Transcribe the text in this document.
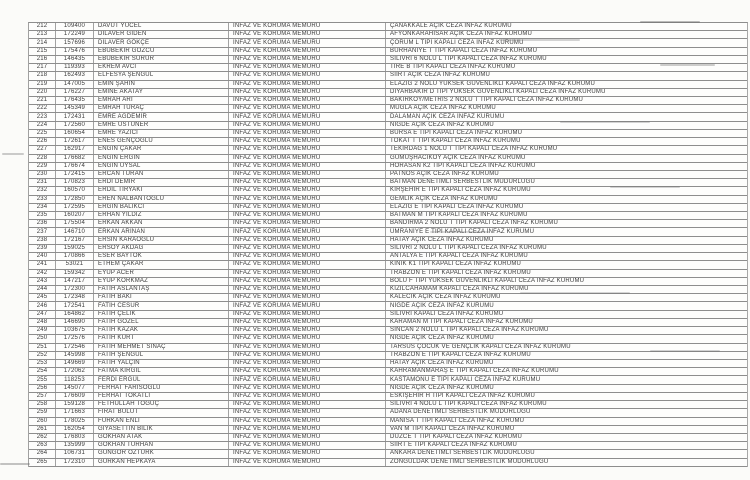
212	109400	DAVUT YÜCEL	İNFAZ VE KORUMA MEMURU	ÇANAKKALE AÇIK CEZA İNFAZ KURUMU
213	172249	DİLAVER GİDEN	İNFAZ VE KORUMA MEMURU	AFYONKARAHİSAR AÇIK CEZA İNFAZ KURUMU
214	157696	DİLAVER GÖKÇE	İNFAZ VE KORUMA MEMURU	ÇORUM L TİPİ KAPALI CEZA İNFAZ KURUMU
215	175476	EBUBEKİR GÖZCÜ	İNFAZ VE KORUMA MEMURU	BURHANİYE T TİPİ KAPALI CEZA İNFAZ KURUMU
216	146435	EBUBEKİR SURUR	İNFAZ VE KORUMA MEMURU	SİLİVRİ 6 NOLU L TİPİ KAPALI CEZA İNFAZ KURUMU
217	119393	EKREM AVCI	İNFAZ VE KORUMA MEMURU	TİRE B TİPİ KAPALI CEZA İNFAZ KURUMU
218	162493	ELFESYA ŞENGÜL	İNFAZ VE KORUMA MEMURU	SİİRT AÇIK CEZA İNFAZ KURUMU
219	147005	EMİN ŞAHİN	İNFAZ VE KORUMA MEMURU	ELAZIĞ 2 NOLU YÜKSEK GÜVENLİKLİ KAPALI CEZA İNFAZ KURUMU
220	176227	EMİNE AKATAY	İNFAZ VE KORUMA MEMURU	DİYARBAKIR D TİPİ YÜKSEK GÜVENLİKLİ KAPALI CEZA İNFAZ KURUMU
221	176435	EMRAH ARI	İNFAZ VE KORUMA MEMURU	BAKIRKÖY/METRİS 2 NOLU T TİPİ KAPALI CEZA İNFAZ KURUMU
222	145349	EMRAH TURAÇ	İNFAZ VE KORUMA MEMURU	MUĞLA AÇIK CEZA İNFAZ KURUMU
223	172431	EMRE AĞDEMİR	İNFAZ VE KORUMA MEMURU	DALAMAN AÇIK CEZA İNFAZ KURUMU
224	172560	EMRE ÜSTÜNER	İNFAZ VE KORUMA MEMURU	NİĞDE AÇIK CEZA İNFAZ KURUMU
225	160654	EMRE YAZICI	İNFAZ VE KORUMA MEMURU	BURSA E TİPİ KAPALI CEZA İNFAZ KURUMU
226	172617	ENES GENÇOĞLU	İNFAZ VE KORUMA MEMURU	TOKAT T TİPİ KAPALI CEZA İNFAZ KURUMU
227	162917	ENGİN ÇAKAR	İNFAZ VE KORUMA MEMURU	TEKİRDAĞ 1 NOLU T TİPİ KAPALI CEZA İNFAZ KURUMU
228	176682	ENGİN ERGİN	İNFAZ VE KORUMA MEMURU	GÜMÜŞHACIKÖY AÇIK CEZA İNFAZ KURUMU
229	176674	ENGİN UYSAL	İNFAZ VE KORUMA MEMURU	HORASAN K2 TİPİ KAPALI CEZA İNFAZ KURUMU
230	172415	ERCAN TURAN	İNFAZ VE KORUMA MEMURU	PATNOS AÇIK CEZA İNFAZ KURUMU
231	170823	ERDİ DEMİR	İNFAZ VE KORUMA MEMURU	BATMAN DENETİMLİ SERBESTLİK MÜDÜRLÜĞÜ
232	160570	ERDİL TİRYAKİ	İNFAZ VE KORUMA MEMURU	KIRŞEHİR E TİPİ KAPALI CEZA İNFAZ KURUMU
233	172850	EREN NALBANTOĞLU	İNFAZ VE KORUMA MEMURU	GEMLİK AÇIK CEZA İNFAZ KURUMU
234	172595	ERGİN BALIKCI	İNFAZ VE KORUMA MEMURU	ELAZIĞ E TİPİ KAPALI CEZA İNFAZ KURUMU
235	160207	ERHAN YILDIZ	İNFAZ VE KORUMA MEMURU	BATMAN M TİPİ KAPALI CEZA İNFAZ KURUMU
236	175504	ERKAN AKKAN	İNFAZ VE KORUMA MEMURU	BANDIRMA 2 NOLU T TİPİ KAPALI CEZA İNFAZ KURUMU
237	146710	ERKAN ARINAN	İNFAZ VE KORUMA MEMURU	ÜMRANİYE E TİPİ KAPALI CEZA İNFAZ KURUMU
238	172167	ERSİN KARAOĞLU	İNFAZ VE KORUMA MEMURU	HATAY AÇIK CEZA İNFAZ KURUMU
239	159025	ERSOY AKDAĞ	İNFAZ VE KORUMA MEMURU	SİLİVRİ 2 NOLU L TİPİ KAPALI CEZA İNFAZ KURUMU
240	170866	ESER BAYTOK	İNFAZ VE KORUMA MEMURU	ANTALYA E TİPİ KAPALI CEZA İNFAZ KURUMU
241	53021	ETHEM ÇAKAR	İNFAZ VE KORUMA MEMURU	KINIK K1 TİPİ KAPALI CEZA İNFAZ KURUMU
242	159342	EYÜP ACER	İNFAZ VE KORUMA MEMURU	TRABZON E TİPİ KAPALI CEZA İNFAZ KURUMU
243	147217	EYÜP KORKMAZ	İNFAZ VE KORUMA MEMURU	BOLU F TİPİ YÜKSEK GÜVENLİKLİ KAPALI CEZA İNFAZ KURUMU
244	172300	FATİH ASLANTAŞ	İNFAZ VE KORUMA MEMURU	KIZILCAHAMAM KAPALI CEZA İNFAZ KURUMU
245	172348	FATİH BAKİ	İNFAZ VE KORUMA MEMURU	KALECİK AÇIK CEZA İNFAZ KURUMU
246	172541	FATİH CESUR	İNFAZ VE KORUMA MEMURU	NİĞDE AÇIK CEZA İNFAZ KURUMU
247	164862	FATİH ÇELİK	İNFAZ VE KORUMA MEMURU	SİLİVRİ KAPALI CEZA İNFAZ KURUMU
248	146690	FATİH GÖZEL	İNFAZ VE KORUMA MEMURU	KARAMAN M TİPİ KAPALI CEZA İNFAZ KURUMU
249	103675	FATİH KAZAK	İNFAZ VE KORUMA MEMURU	SİNCAN 2 NOLU L TİPİ KAPALI CEZA İNFAZ KURUMU
250	172576	FATİH KURT	İNFAZ VE KORUMA MEMURU	NİĞDE AÇIK CEZA İNFAZ KURUMU
251	172546	FATİH MEHMET SINAÇ	İNFAZ VE KORUMA MEMURU	TARSUS ÇOCUK VE GENÇLİK KAPALI CEZA İNFAZ KURUMU
252	145998	FATİH ŞENGÜL	İNFAZ VE KORUMA MEMURU	TRABZON E TİPİ KAPALI CEZA İNFAZ KURUMU
253	149669	FATİH YALÇIN	İNFAZ VE KORUMA MEMURU	HATAY AÇIK CEZA İNFAZ KURUMU
254	172062	FATMA KIRĞIL	İNFAZ VE KORUMA MEMURU	KAHRAMANMARAŞ E TİPİ KAPALI CEZA İNFAZ KURUMU
255	118253	FERDİ ERGÜL	İNFAZ VE KORUMA MEMURU	KASTAMONU E TİPİ KAPALI CEZA İNFAZ KURUMU
256	145077	FERHAT FARİSOĞLU	İNFAZ VE KORUMA MEMURU	NİĞDE AÇIK CEZA İNFAZ KURUMU
257	176609	FERHAT TOKATLI	İNFAZ VE KORUMA MEMURU	ESKİŞEHİR H TİPİ KAPALI CEZA İNFAZ KURUMU
258	159128	FETHULLAH TOĞUÇ	İNFAZ VE KORUMA MEMURU	SİLİVRİ 4 NOLU L TİPİ KAPALI CEZA İNFAZ KURUMU
259	171663	FIRAT BULUT	İNFAZ VE KORUMA MEMURU	ADANA DENETİMLİ SERBESTLİK MÜDÜRLÜĞÜ
260	178025	FURKAN ENLİ	İNFAZ VE KORUMA MEMURU	MANİSA T TİPİ KAPALI CEZA İNFAZ KURUMU
261	162054	GIYASETTİN BİLİK	İNFAZ VE KORUMA MEMURU	VAN M TİPİ KAPALI CEZA İNFAZ KURUMU
262	176803	GÖKHAN ATAK	İNFAZ VE KORUMA MEMURU	DÜZCE T TİPİ KAPALI CEZA İNFAZ KURUMU
263	135999	GÖKHAN TURHAN	İNFAZ VE KORUMA MEMURU	SİİRT E TİPİ KAPALI CEZA İNFAZ KURUMU
264	106731	GÜNGÖR ÖZTÜRK	İNFAZ VE KORUMA MEMURU	ANKARA DENETİMLİ SERBESTLİK MÜDÜRLÜĞÜ
265	172310	GÜRKAN HEPKAYA	İNFAZ VE KORUMA MEMURU	ZONGULDAK DENETİMLİ SERBESTLİK MÜDÜRLÜĞÜ
